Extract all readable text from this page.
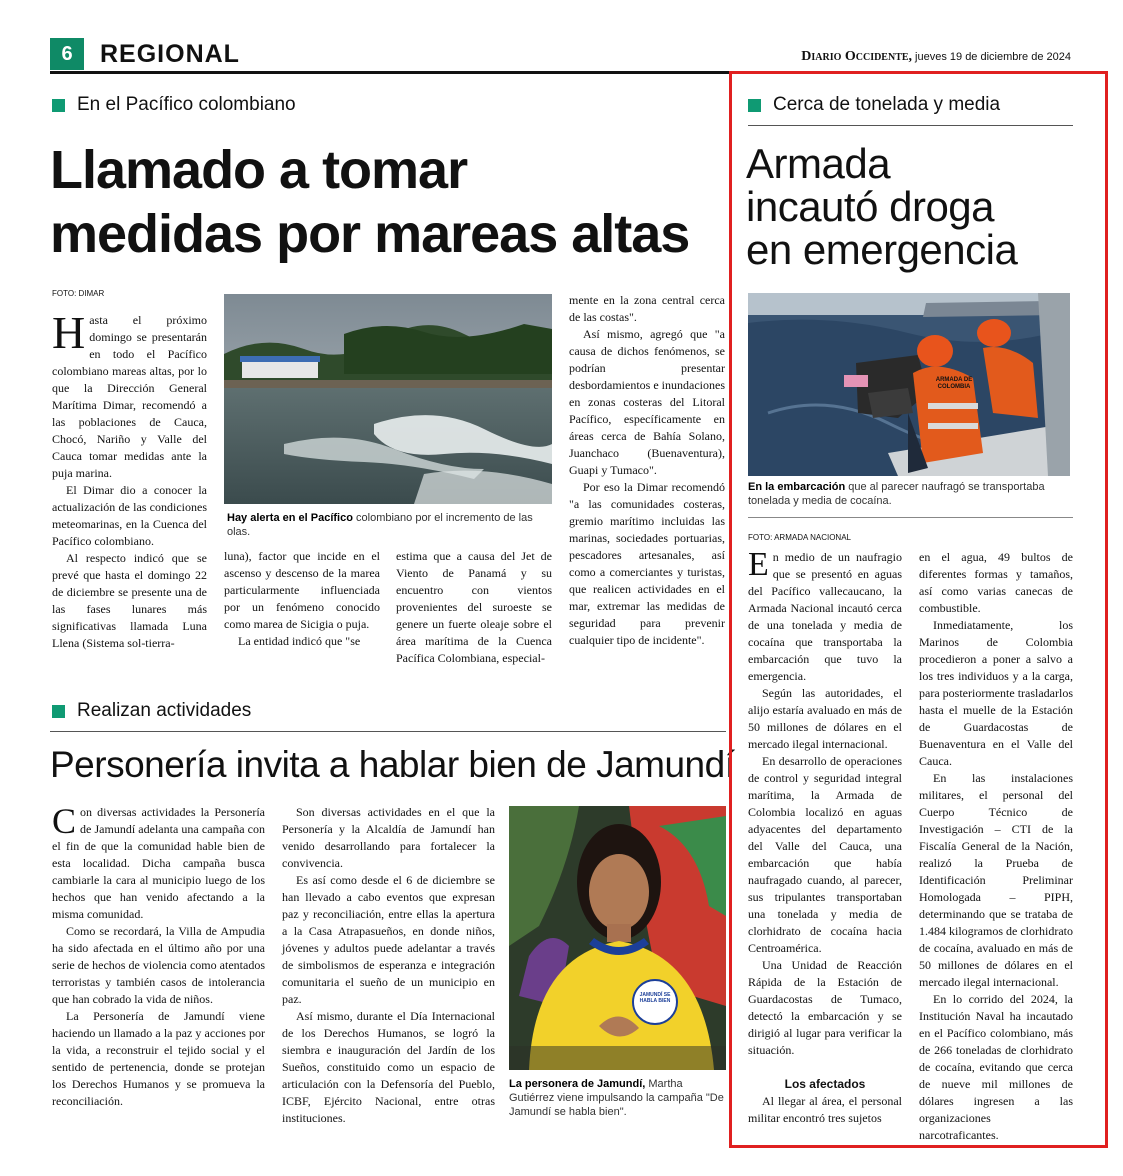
6 REGIONAL	Diario Occidente, jueves 19 de diciembre de 2024
En el Pacífico colombiano
Llamado a tomar
medidas por mareas altas
FOTO: DIMAR

Hasta el próximo domingo se presentarán en todo el Pacífico colombiano mareas altas, por lo que la Dirección General Marítima Dimar, recomendó a las poblaciones de Cauca, Chocó, Nariño y Valle del Cauca tomar medidas ante la puja marina.

El Dimar dio a conocer la actualización de las condiciones meteomarinas, en la Cuenca del Pacífico colombiano.

Al respecto indicó que se prevé que hasta el domingo 22 de diciembre se presente una de las fases lunares más significativas llamada Luna Llena (Sistema sol-tierra-

Hay alerta en el Pacífico colombiano por el incremento de las olas.

luna), factor que incide en el ascenso y descenso de la marea particularmente influenciada por un fenómeno conocido como marea de Sicigia o puja.

La entidad indicó que "se

estima que a causa del Jet de Viento de Panamá y su encuentro con vientos provenientes del suroeste se genere un fuerte oleaje sobre el área marítima de la Cuenca Pacífica Colombiana, especial-

mente en la zona central cerca de las costas".

Así mismo, agregó que "a causa de dichos fenómenos, se podrían presentar desbordamientos e inundaciones en zonas costeras del Litoral Pacífico, específicamente en áreas cerca de Bahía Solano, Juanchaco (Buenaventura), Guapi y Tumaco".

Por eso la Dimar recomendó "a las comunidades costeras, gremio marítimo incluidas las marinas, sociedades portuarias, pescadores artesanales, así como a comerciantes y turistas, que realicen actividades en el mar, extremar las medidas de seguridad para prevenir cualquier tipo de incidente".

Realizan actividades
Personería invita a hablar bien de Jamundí

Con diversas actividades la Personería de Jamundí adelanta una campaña con el fin de que la comunidad hable bien de esta localidad. Dicha campaña busca cambiarle la cara al municipio luego de los hechos que han venido afectando a la misma comunidad.

Como se recordará, la Villa de Ampudia ha sido afectada en el último año por una serie de hechos de violencia como atentados terroristas y también casos de intolerancia que han cobrado la vida de niños.

La Personería de Jamundí viene haciendo un llamado a la paz y acciones por la vida, a reconstruir el tejido social y el sentido de pertenencia, donde se protejan los Derechos Humanos y se promueva la reconciliación.

Son diversas actividades en el que la Personería y la Alcaldía de Jamundí han venido desarrollando para fortalecer la convivencia.

Es así como desde el 6 de diciembre se han llevado a cabo eventos que expresan paz y reconciliación, entre ellas la apertura a la Casa Atrapasueños, en donde niños, jóvenes y adultos puede adelantar a través de simbolismos de esperanza e integración comunitaria el sueño de un municipio en paz.

Así mismo, durante el Día Internacional de los Derechos Humanos, se logró la siembra e inauguración del Jardín de los Sueños, constituido como un espacio de articulación con la Defensoría del Pueblo, ICBF, Ejército Nacional, entre otras instituciones.

JAMUNDÍ SE HABLA BIEN
La personera de Jamundí, Martha Gutiérrez viene impulsando la campaña "De Jamundí se habla bien".
Cerca de tonelada y media
Armada
incautó droga
en emergencia
ARMADA DE COLOMBIA
En la embarcación que al parecer naufragó se transportaba tonelada y media de cocaína.
FOTO: ARMADA NACIONAL

En medio de un naufragio que se presentó en aguas del Pacífico vallecaucano, la Armada Nacional incautó cerca de una tonelada y media de cocaína que transportaba la embarcación que tuvo la emergencia.

Según las autoridades, el alijo estaría avaluado en más de 50 millones de dólares en el mercado ilegal internacional.

En desarrollo de operaciones de control y seguridad integral marítima, la Armada de Colombia localizó en aguas adyacentes del departamento del Valle del Cauca, una embarcación que había naufragado cuando, al parecer, sus tripulantes transportaban una tonelada y media de clorhidrato de cocaína hacia Centroamérica.

Una Unidad de Reacción Rápida de la Estación de Guardacostas de Tumaco, detectó la embarcación y se dirigió al lugar para verificar la situación.

Los afectados

Al llegar al área, el personal militar encontró tres sujetos

en el agua, 49 bultos de diferentes formas y tamaños, así como varias canecas de combustible.

Inmediatamente, los Marinos de Colombia procedieron a poner a salvo a los tres individuos y a la carga, para posteriormente trasladarlos hasta el muelle de la Estación de Guardacostas de Buenaventura en el Valle del Cauca.

En las instalaciones militares, el personal del Cuerpo Técnico de Investigación – CTI de la Fiscalía General de la Nación, realizó la Prueba de Identificación Preliminar Homologada – PIPH, determinando que se trataba de 1.484 kilogramos de clorhidrato de cocaína, avaluado en más de 50 millones de dólares en el mercado ilegal internacional.

En lo corrido del 2024, la Institución Naval ha incautado en el Pacífico colombiano, más de 266 toneladas de clorhidrato de cocaína, evitando que cerca de nueve mil millones de dólares ingresen a las organizaciones narcotraficantes.
